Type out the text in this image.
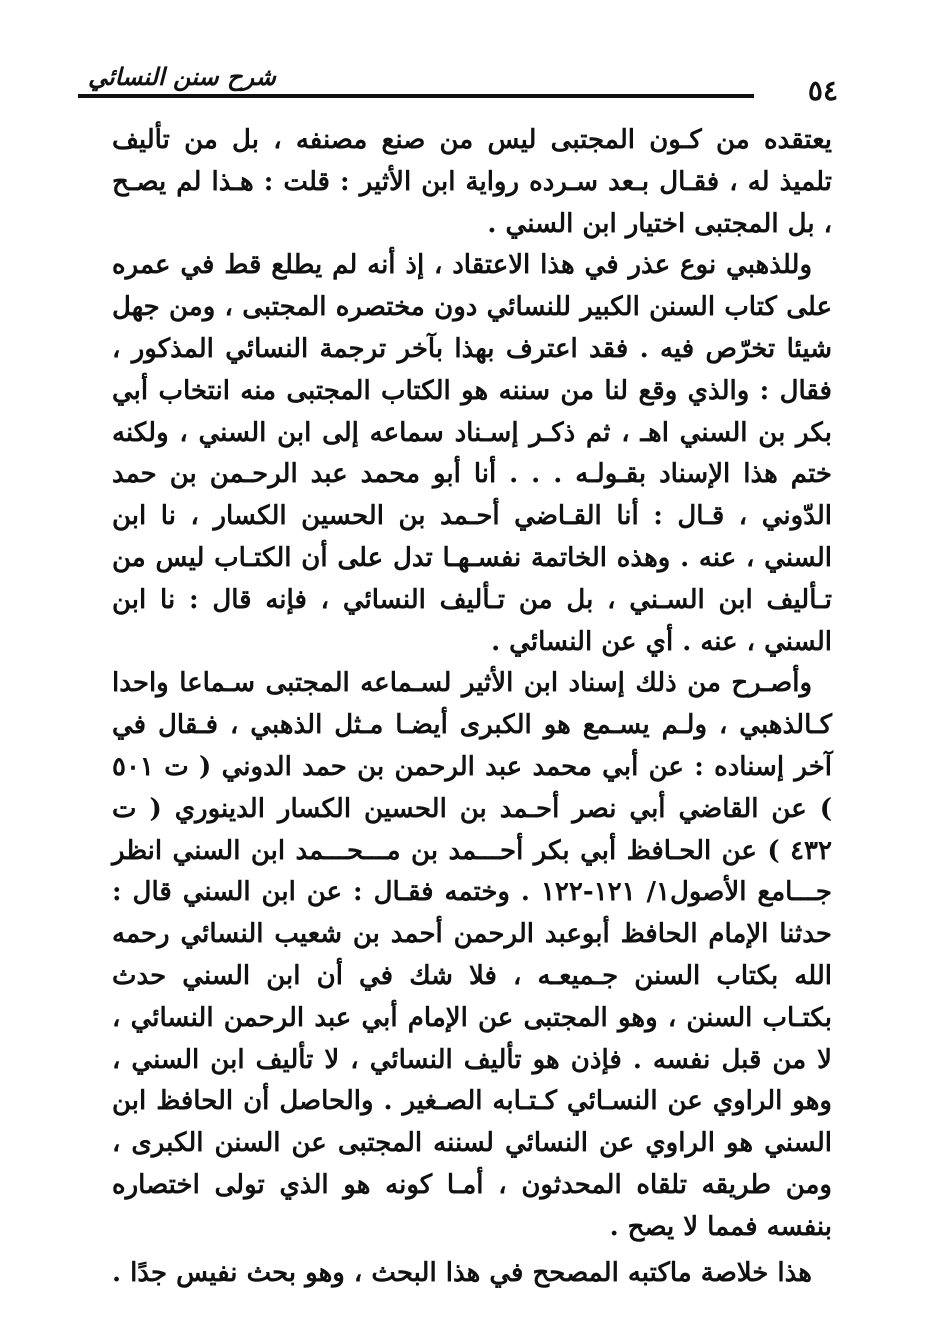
٥٤
شرح سنن النسائي

يعتقده من كـون المجتبى ليس من صنع مصنفه ، بل من تأليف تلميذ له ، فقـال بـعد سـرده رواية ابن الأثير : قلت : هـذا لم يصـح ، بل المجتبى اختيار ابن السني .

وللذهبي نوع عذر في هذا الاعتقاد ، إذ أنه لم يطلع قط في عمره على كتاب السنن الكبير للنسائي دون مختصره المجتبى ، ومن جهل شيئا تخرّص فيه . فقد اعترف بهذا بآخر ترجمة النسائي المذكور ، فقال : والذي وقع لنا من سننه هو الكتاب المجتبى منه انتخاب أبي بكر بن السني اهـ ، ثم ذكـر إسـناد سماعه إلى ابن السني ، ولكنه ختم هذا الإسناد بقـولـه . . . أنا أبو محمد عبد الرحـمن بن حمد الدّوني ، قـال : أنا القـاضي أحـمد بن الحسين الكسار ، نا ابن السني ، عنه . وهذه الخاتمة نفسـهـا تدل على أن الكتـاب ليس من تـأليف ابن السـني ، بل من تـأليف النسائي ، فإنه قال : نا ابن السني ، عنه . أي عن النسائي .

وأصـرح من ذلك إسناد ابن الأثير لسـماعه المجتبى سـماعا واحدا كـالذهبي ، ولـم يسـمع هو الكبرى أيضـا مـثل الذهبي ، فـقال في آخر إسناده : عن أبي محمد عبد الرحمن بن حمد الدوني ( ت ٥٠١ ) عن القاضي أبي نصر أحـمد بن الحسين الكسار الدينوري ( ت ٤٣٢ ) عن الحـافظ أبي بكر أحـــمد بن مـــحـــمد ابن السني انظر جـــامع الأصول١/ ١٢١-١٢٢ . وختمه فقـال : عن ابن السني قال : حدثنا الإمام الحافظ أبوعبد الرحمن أحمد بن شعيب النسائي رحمه الله بكتاب السنن جـميعـه ، فلا شك في أن ابن السني حدث بكتـاب السنن ، وهو المجتبى عن الإمام أبي عبد الرحمن النسائي ، لا من قبل نفسه . فإذن هو تأليف النسائي ، لا تأليف ابن السني ، وهو الراوي عن النسـائي كـتـابه الصـغير . والحاصل أن الحافظ ابن السني هو الراوي عن النسائي لسننه المجتبى عن السنن الكبرى ، ومن طريقه تلقاه المحدثون ، أمـا كونه هو الذي تولى اختصاره بنفسه فمما لا يصح .

هذا خلاصة ماكتبه المصحح في هذا البحث ، وهو بحث نفيس جدًا .
